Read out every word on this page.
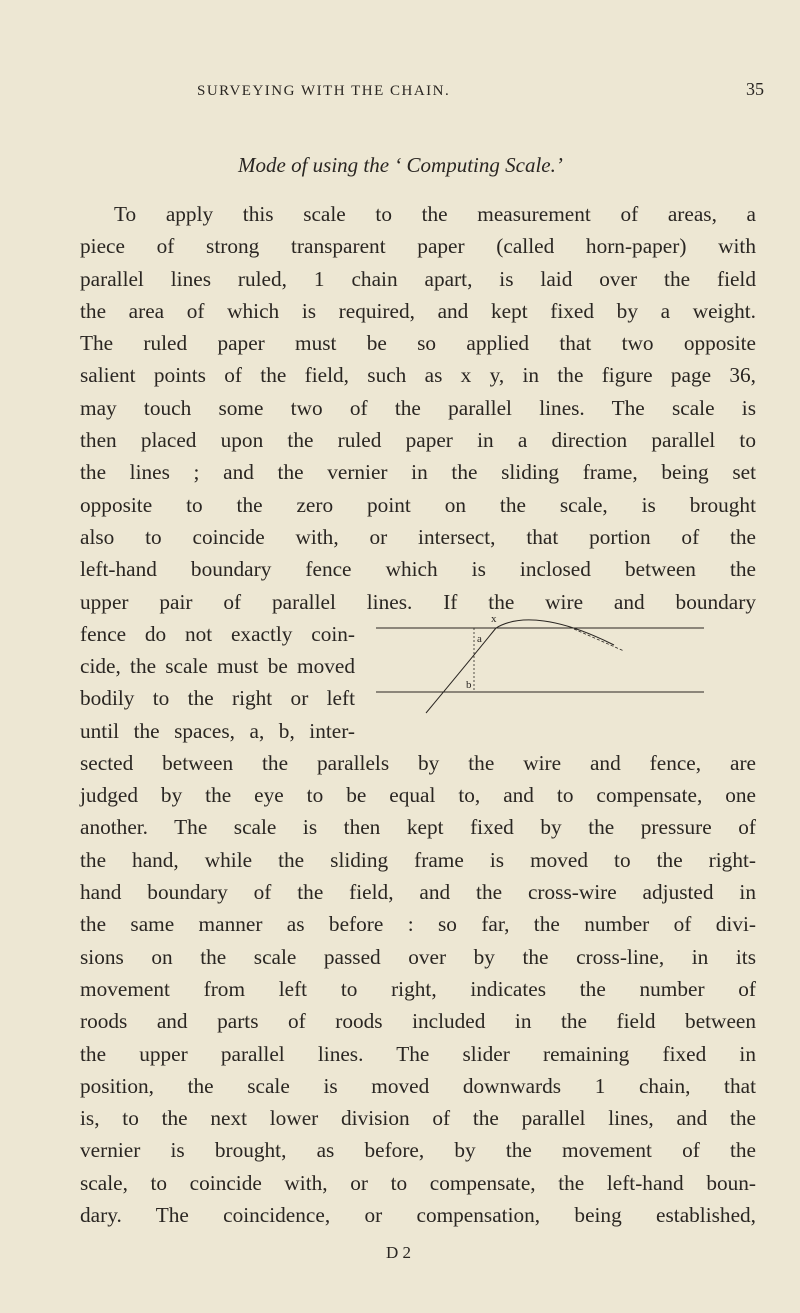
SURVEYING WITH THE CHAIN.	35
Mode of using the ‘ Computing Scale.’
To apply this scale to the measurement of areas, a
piece of strong transparent paper (called horn-paper) with
parallel lines ruled, 1 chain apart, is laid over the field
the area of which is required, and kept fixed by a weight.
The ruled paper must be so applied that two opposite
salient points of the field, such as x y, in the figure page 36,
may touch some two of the parallel lines. The scale is
then placed upon the ruled paper in a direction parallel to
the lines ; and the vernier in the sliding frame, being set
opposite to the zero point on the scale, is brought
also to coincide with, or intersect, that portion of the
left-hand boundary fence which is inclosed between the
upper pair of parallel lines. If the wire and boundary
fence do not exactly coin-
cide, the scale must be moved
bodily to the right or left
until the spaces, a, b, inter-
x
a
b
sected between the parallels by the wire and fence, are
judged by the eye to be equal to, and to compensate, one
another. The scale is then kept fixed by the pressure of
the hand, while the sliding frame is moved to the right-
hand boundary of the field, and the cross-wire adjusted in
the same manner as before : so far, the number of divi-
sions on the scale passed over by the cross-line, in its
movement from left to right, indicates the number of
roods and parts of roods included in the field between
the upper parallel lines. The slider remaining fixed in
position, the scale is moved downwards 1 chain, that
is, to the next lower division of the parallel lines, and the
vernier is brought, as before, by the movement of the
scale, to coincide with, or to compensate, the left-hand boun-
dary. The coincidence, or compensation, being established,
D 2
